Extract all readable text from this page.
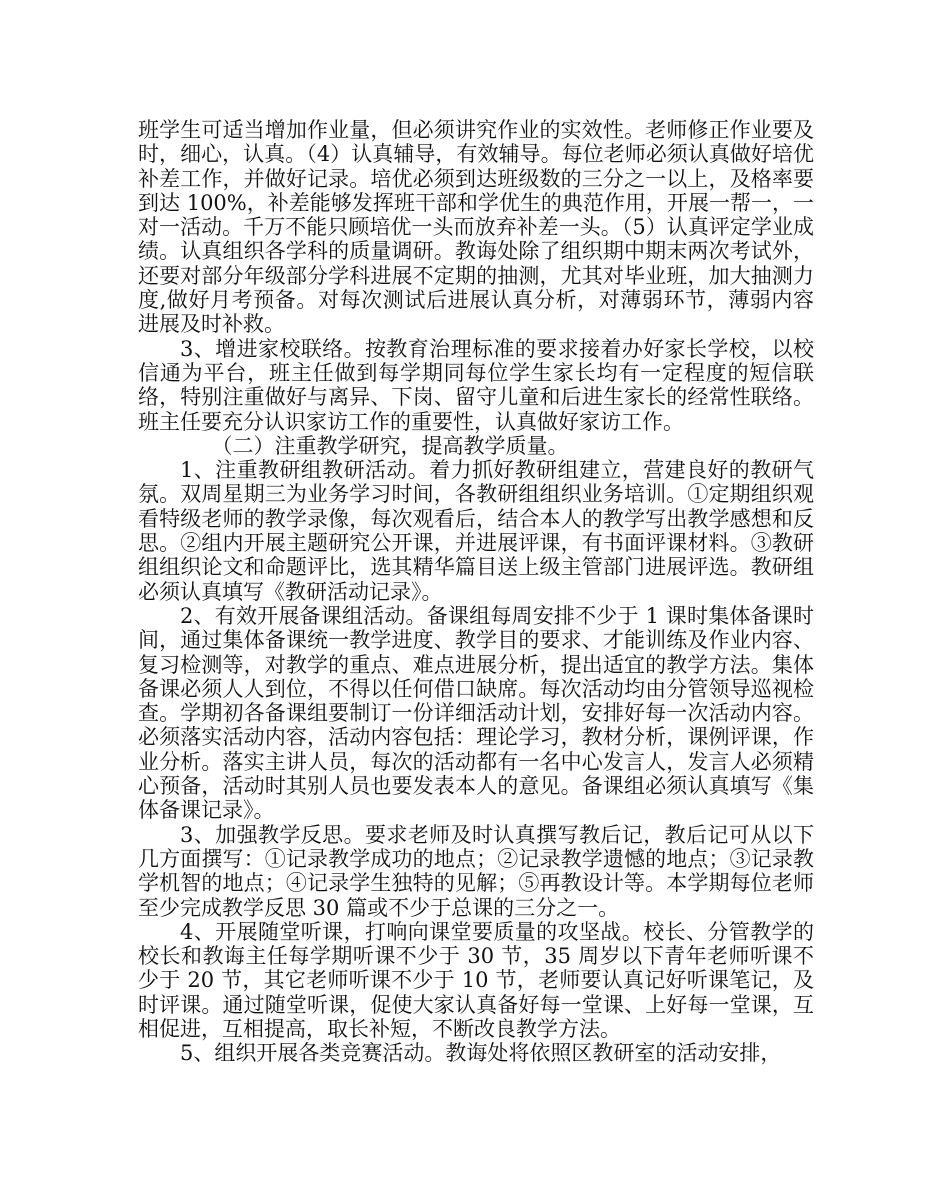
班学生可适当增加作业量，但必须讲究作业的实效性。老师修正作业要及时，细心，认真。（4）认真辅导，有效辅导。每位老师必须认真做好培优补差工作，并做好记录。培优必须到达班级数的三分之一以上，及格率要到达 100%，补差能够发挥班干部和学优生的典范作用，开展一帮一，一对一活动。千万不能只顾培优一头而放弃补差一头。（5）认真评定学业成绩。认真组织各学科的质量调研。教诲处除了组织期中期末两次考试外，还要对部分年级部分学科进展不定期的抽测，尤其对毕业班，加大抽测力度,做好月考预备。对每次测试后进展认真分析，对薄弱环节，薄弱内容进展及时补救。

3、增进家校联络。按教育治理标准的要求接着办好家长学校，以校信通为平台，班主任做到每学期同每位学生家长均有一定程度的短信联络，特别注重做好与离异、下岗、留守儿童和后进生家长的经常性联络。班主任要充分认识家访工作的重要性，认真做好家访工作。

（二）注重教学研究，提高教学质量。

1、注重教研组教研活动。着力抓好教研组建立，营建良好的教研气氛。双周星期三为业务学习时间，各教研组组织业务培训。①定期组织观看特级老师的教学录像，每次观看后，结合本人的教学写出教学感想和反思。②组内开展主题研究公开课，并进展评课，有书面评课材料。③教研组组织论文和命题评比，选其精华篇目送上级主管部门进展评选。教研组必须认真填写《教研活动记录》。

2、有效开展备课组活动。备课组每周安排不少于 1 课时集体备课时间，通过集体备课统一教学进度、教学目的要求、才能训练及作业内容、复习检测等，对教学的重点、难点进展分析，提出适宜的教学方法。集体备课必须人人到位，不得以任何借口缺席。每次活动均由分管领导巡视检查。学期初各备课组要制订一份详细活动计划，安排好每一次活动内容。必须落实活动内容，活动内容包括：理论学习，教材分析，课例评课，作业分析。落实主讲人员，每次的活动都有一名中心发言人，发言人必须精心预备，活动时其别人员也要发表本人的意见。备课组必须认真填写《集体备课记录》。

3、加强教学反思。要求老师及时认真撰写教后记，教后记可从以下几方面撰写：①记录教学成功的地点；②记录教学遗憾的地点；③记录教学机智的地点；④记录学生独特的见解；⑤再教设计等。本学期每位老师至少完成教学反思 30 篇或不少于总课的三分之一。

4、开展随堂听课，打响向课堂要质量的攻坚战。校长、分管教学的校长和教诲主任每学期听课不少于 30 节，35 周岁以下青年老师听课不少于 20 节，其它老师听课不少于 10 节，老师要认真记好听课笔记，及时评课。通过随堂听课，促使大家认真备好每一堂课、上好每一堂课，互相促进，互相提高，取长补短，不断改良教学方法。

5、组织开展各类竞赛活动。教诲处将依照区教研室的活动安排，
